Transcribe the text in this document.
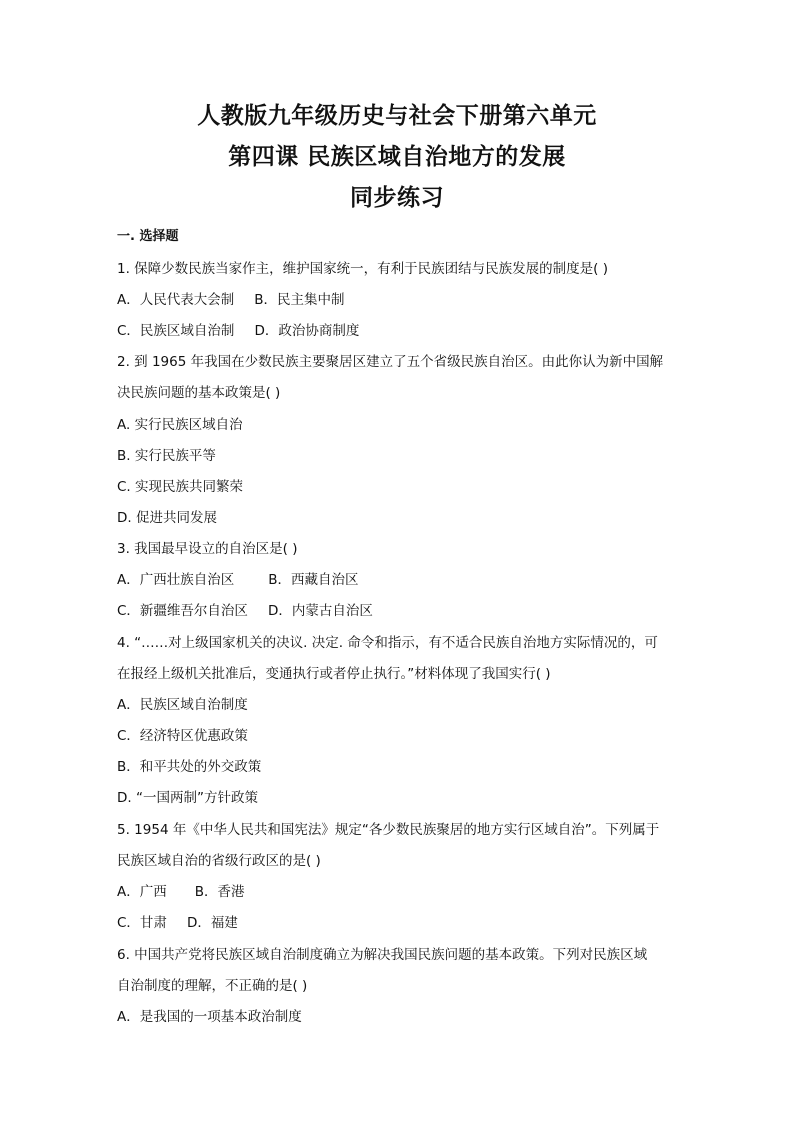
人教版九年级历史与社会下册第六单元
第四课 民族区域自治地方的发展
同步练习
一. 选择题
1. 保障少数民族当家作主，维护国家统一，有利于民族团结与民族发展的制度是( )
A．人民代表大会制 B．民主集中制
C．民族区域自治制 D．政治协商制度
2. 到 1965 年我国在少数民族主要聚居区建立了五个省级民族自治区。由此你认为新中国解
决民族问题的基本政策是( )
A. 实行民族区域自治
B. 实行民族平等
C. 实现民族共同繁荣
D. 促进共同发展
3. 我国最早设立的自治区是( )
A．广西壮族自治区	B．西藏自治区
C．新疆维吾尔自治区 D．内蒙古自治区
4. “……对上级国家机关的决议. 决定. 命令和指示，有不适合民族自治地方实际情况的，可
在报经上级机关批准后，变通执行或者停止执行。”材料体现了我国实行( )
A．民族区域自治制度
C．经济特区优惠政策
B．和平共处的外交政策
D. “一国两制”方针政策
5. 1954 年《中华人民共和国宪法》规定“各少数民族聚居的地方实行区域自治”。下列属于
民族区域自治的省级行政区的是( )
A．广西 B．香港
C．甘肃 D．福建
6. 中国共产党将民族区域自治制度确立为解决我国民族问题的基本政策。下列对民族区域
自治制度的理解，不正确的是( )
A．是我国的一项基本政治制度
